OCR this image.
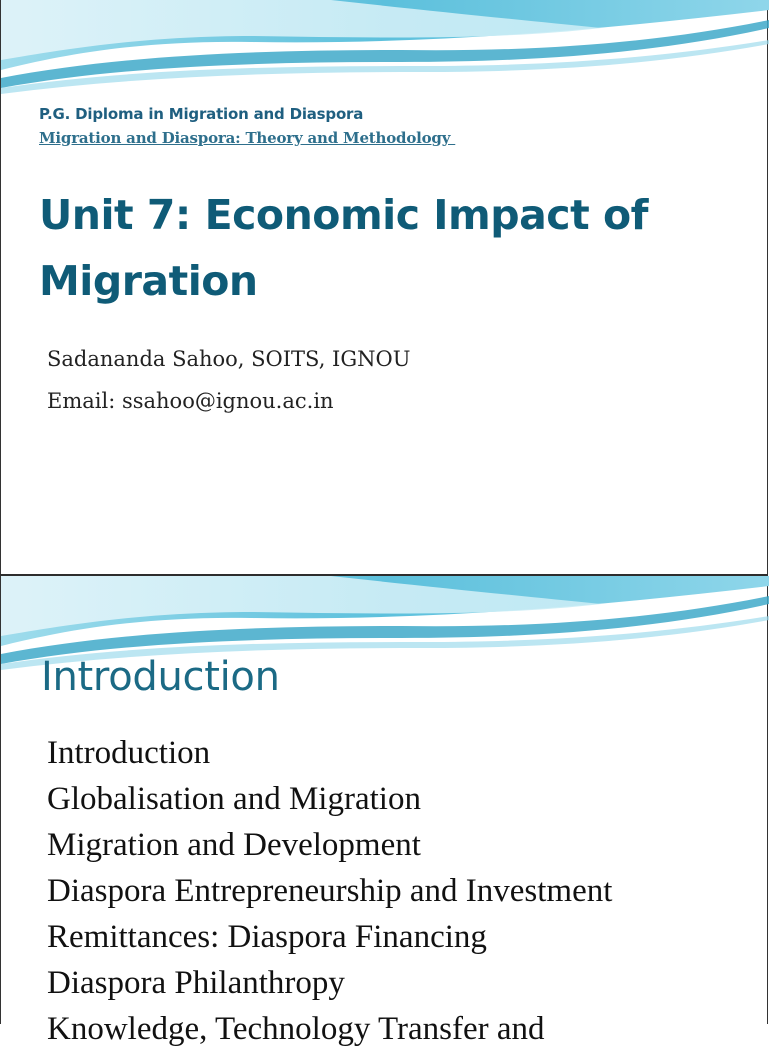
P.G. Diploma in Migration and Diaspora

Migration and Diaspora: Theory and Methodology

Unit 7: Economic Impact of Migration

Sadananda Sahoo, SOITS, IGNOU

Email: ssahoo@ignou.ac.in

Introduction
Introduction
Globalisation and Migration
Migration and Development
Diaspora Entrepreneurship and Investment
Remittances: Diaspora Financing
Diaspora Philanthropy
Knowledge, Technology Transfer and
